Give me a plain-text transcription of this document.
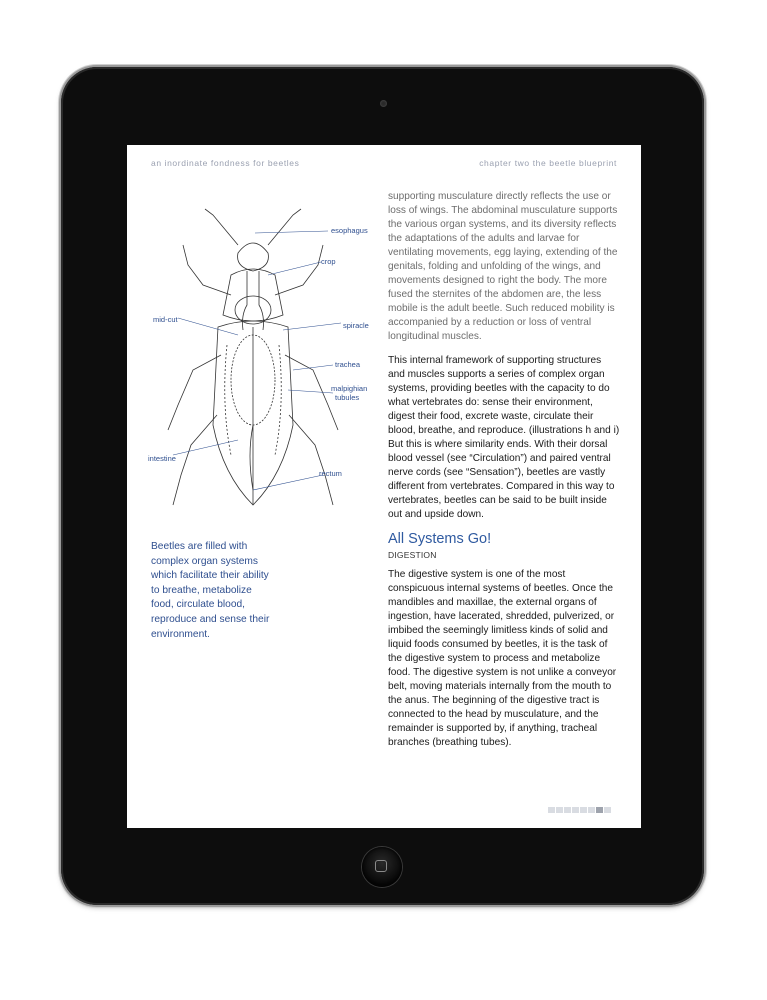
an inordinate fondness for beetles	chapter two the beetle blueprint
esophagus
crop
mid-cut
spiracle
trachea
malpighian
tubules
intestine
rectum
Beetles are filled with complex organ systems which facilitate their ability to breathe, metabolize food, circulate blood, reproduce and sense their environment.

supporting musculature directly reflects the use or loss of wings. The abdominal musculature supports the various organ systems, and its diversity reflects the adaptations of the adults and larvae for ventilating movements, egg laying, extending of the genitals, folding and unfolding of the wings, and movements designed to right the body. The more fused the sternites of the abdomen are, the less mobile is the adult beetle. Such reduced mobility is accompanied by a reduction or loss of ventral longitudinal muscles.

This internal framework of supporting structures and muscles supports a series of complex organ systems, providing beetles with the capacity to do what vertebrates do: sense their environment, digest their food, excrete waste, circulate their blood, breathe, and reproduce. (illustrations h and i) But this is where similarity ends. With their dorsal blood vessel (see “Circulation”) and paired ventral nerve cords (see “Sensation”), beetles are vastly different from vertebrates. Compared in this way to vertebrates, beetles can be said to be built inside out and upside down.

All Systems Go!
DIGESTION

The digestive system is one of the most conspicuous internal systems of beetles. Once the mandibles and maxillae, the external organs of ingestion, have lacerated, shredded, pulverized, or imbibed the seemingly limitless kinds of solid and liquid foods consumed by beetles, it is the task of the digestive system to process and metabolize food. The digestive system is not unlike a conveyor belt, moving materials internally from the mouth to the anus. The beginning of the digestive tract is connected to the head by musculature, and the remainder is supported by, if anything, tracheal branches (breathing tubes).
